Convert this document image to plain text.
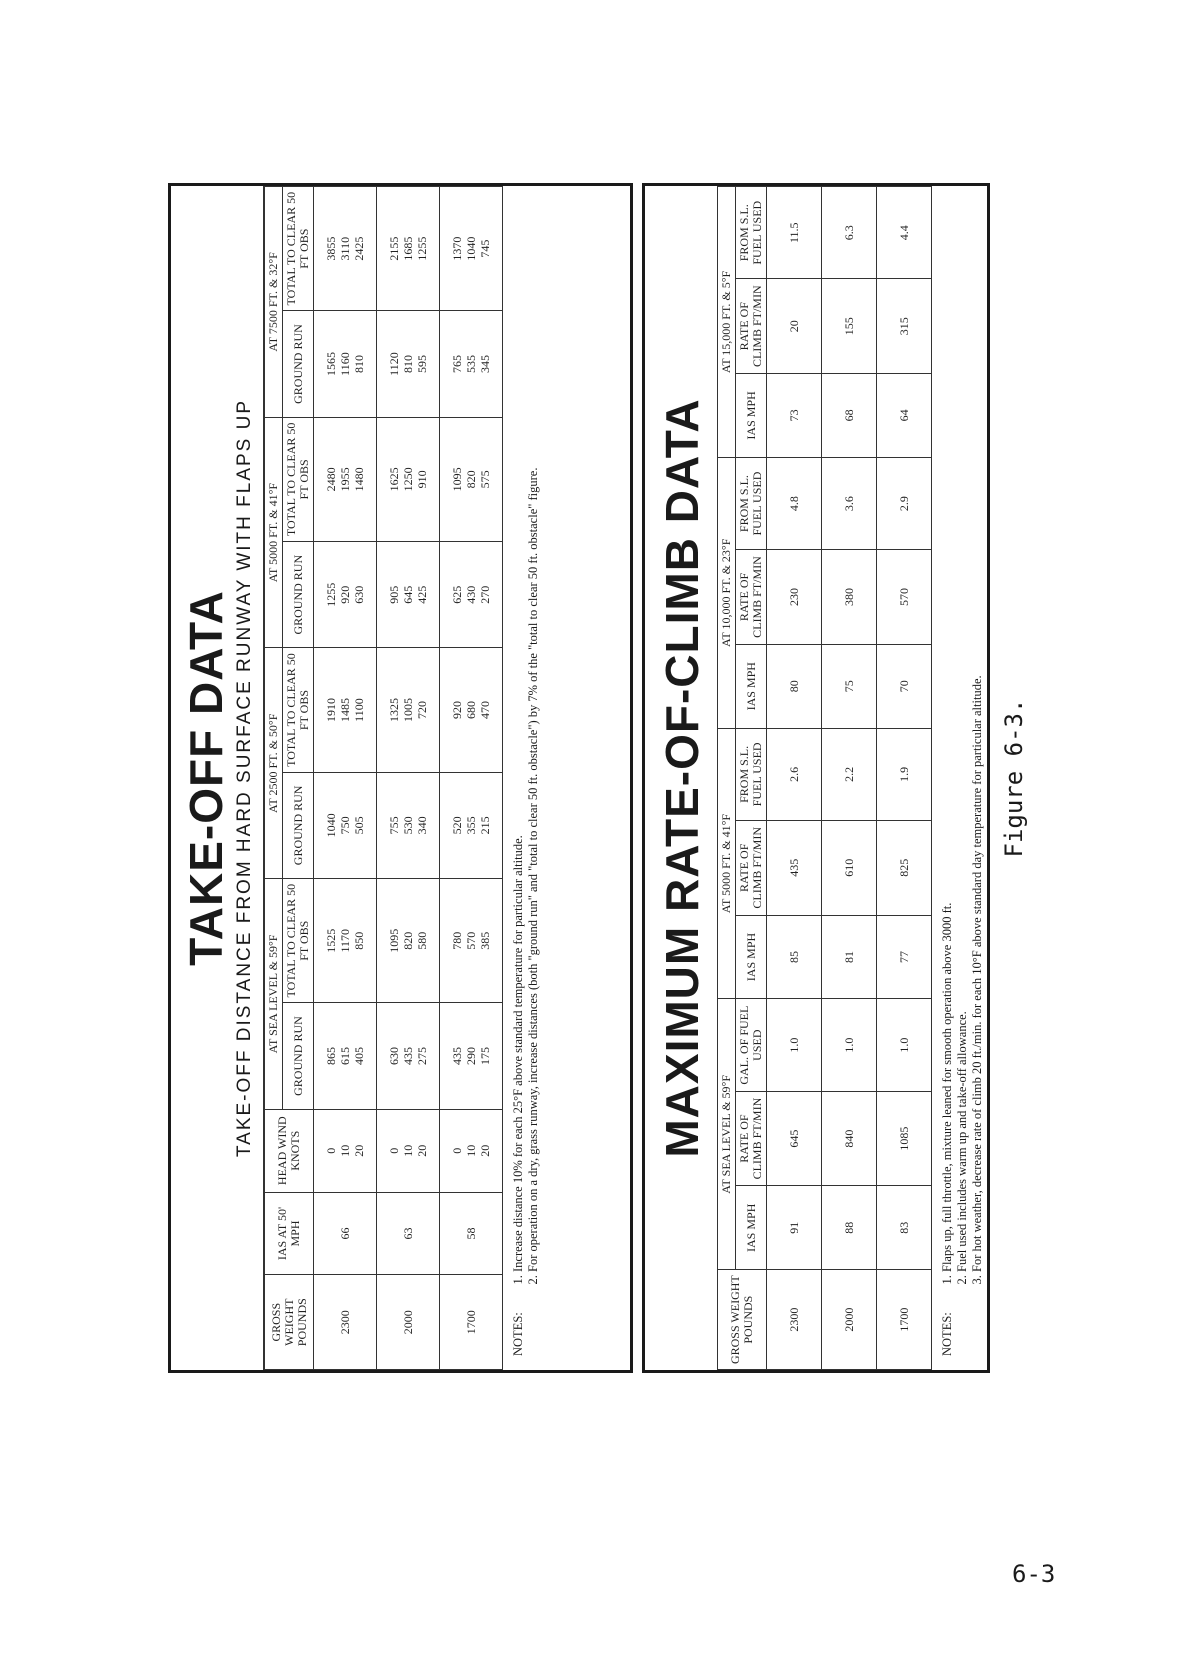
TAKE-OFF DATA TAKE-OFF DISTANCE FROM HARD SURFACE RUNWAY WITH FLAPS UP
GROSS WEIGHT POUNDS	IAS AT 50' MPH	HEAD WIND KNOTS	AT SEA LEVEL & 59°F		AT 2500 FT. & 50°F		AT 5000 FT. & 41°F		AT 7500 FT. & 32°F	
			GROUND RUN	TOTAL TO CLEAR 50 FT OBS	GROUND RUN	TOTAL TO CLEAR 50 FT OBS	GROUND RUN	TOTAL TO CLEAR 50 FT OBS	GROUND RUN	TOTAL TO CLEAR 50 FT OBS
2300	66	0 10 20	865 615 405	1525 1170 850	1040 750 505	1910 1485 1100	1255 920 630	2480 1955 1480	1565 1160 810	3855 3110 2425

2000	63	0 10 20	630 435 275	1095 820 580	755 530 340	1325 1005 720	905 645 425	1625 1250 910	1120 810 595	2155 1685 1255

1700	58	0 10 20	435 290 175	780 570 385	520 355 215	920 680 470	625 430 270	1095 820 575	765 535 345	1370 1040 745
NOTES:
1. Increase distance 10% for each 25°F above standard temperature for particular altitude. 2. For operation on a dry, grass runway, increase distances (both "ground run" and "total to clear 50 ft. obstacle") by 7% of the "total to clear 50 ft. obstacle" figure.	MAXIMUM RATE-OF-CLIMB DATA
GROSS WEIGHT POUNDS	AT SEA LEVEL & 59°F			AT 5000 FT. & 41°F			AT 10,000 FT. & 23°F			AT 15,000 FT. & 5°F		
	IAS MPH	RATE OF CLIMB FT/MIN	GAL. OF FUEL USED	IAS MPH	RATE OF CLIMB FT/MIN	FROM S.L. FUEL USED	IAS MPH	RATE OF CLIMB FT/MIN	FROM S.L. FUEL USED	IAS MPH	RATE OF CLIMB FT/MIN	FROM S.L. FUEL USED
2300	91	645	1.0	85	435	2.6	80	230	4.8	73	20	11.5
2000	88	840	1.0	81	610	2.2	75	380	3.6	68	155	6.3
1700	83	1085	1.0	77	825	1.9	70	570	2.9	64	315	4.4
NOTES:
1. Flaps up, full throttle, mixture leaned for smooth operation above 3000 ft. 2. Fuel used includes warm up and take-off allowance. 3. For hot weather, decrease rate of climb 20 ft./min. for each 10°F above standard day temperature for particular altitude. Figure 6-3.
6-3
